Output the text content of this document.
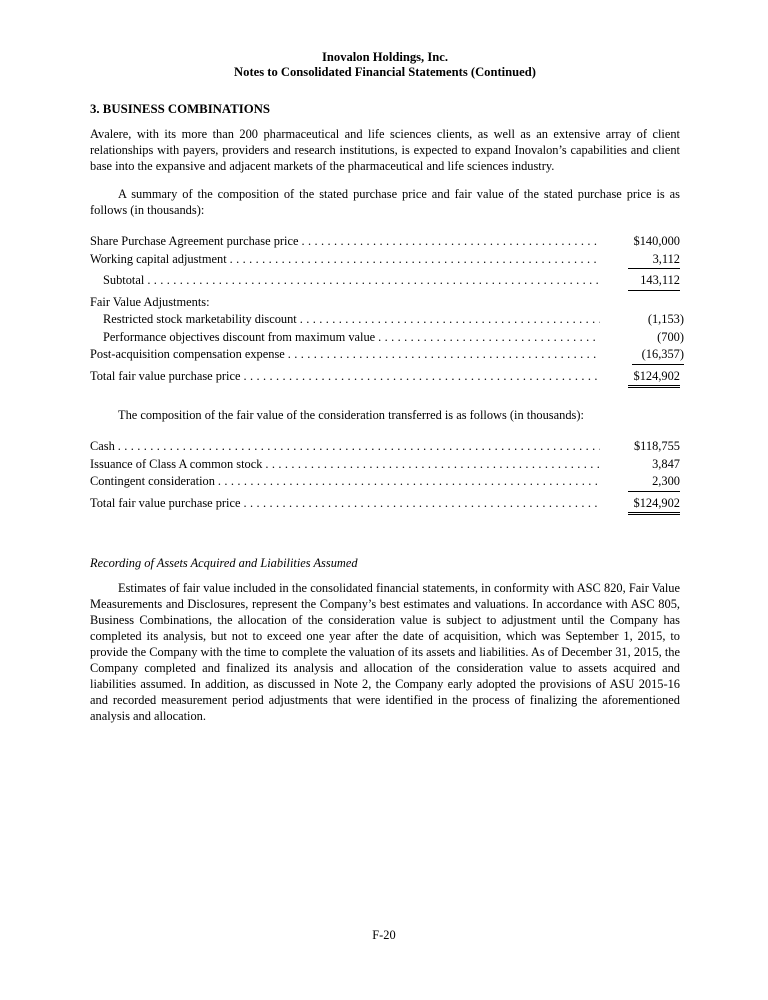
Inovalon Holdings, Inc.
Notes to Consolidated Financial Statements (Continued)
3. BUSINESS COMBINATIONS

Avalere, with its more than 200 pharmaceutical and life sciences clients, as well as an extensive array of client relationships with payers, providers and research institutions, is expected to expand Inovalon’s capabilities and client base into the expansive and adjacent markets of the pharmaceutical and life sciences industry.

A summary of the composition of the stated purchase price and fair value of the stated purchase price is as follows (in thousands):

Share Purchase Agreement purchase price .....	$140,000
Working capital adjustment .....	3,112
Subtotal .....	143,112
Fair Value Adjustments:
Restricted stock marketability discount .....	(1,153)
Performance objectives discount from maximum value .....	(700)
Post-acquisition compensation expense .....	(16,357)
Total fair value purchase price .....	$124,902

The composition of the fair value of the consideration transferred is as follows (in thousands):

Cash .....	$118,755
Issuance of Class A common stock .....	3,847
Contingent consideration .....	2,300
Total fair value purchase price .....	$124,902
Recording of Assets Acquired and Liabilities Assumed

Estimates of fair value included in the consolidated financial statements, in conformity with ASC 820, Fair Value Measurements and Disclosures, represent the Company’s best estimates and valuations. In accordance with ASC 805, Business Combinations, the allocation of the consideration value is subject to adjustment until the Company has completed its analysis, but not to exceed one year after the date of acquisition, which was September 1, 2015, to provide the Company with the time to complete the valuation of its assets and liabilities. As of December 31, 2015, the Company completed and finalized its analysis and allocation of the consideration value to assets acquired and liabilities assumed. In addition, as discussed in Note 2, the Company early adopted the provisions of ASU 2015-16 and recorded measurement period adjustments that were identified in the process of finalizing the aforementioned analysis and allocation.

F-20
